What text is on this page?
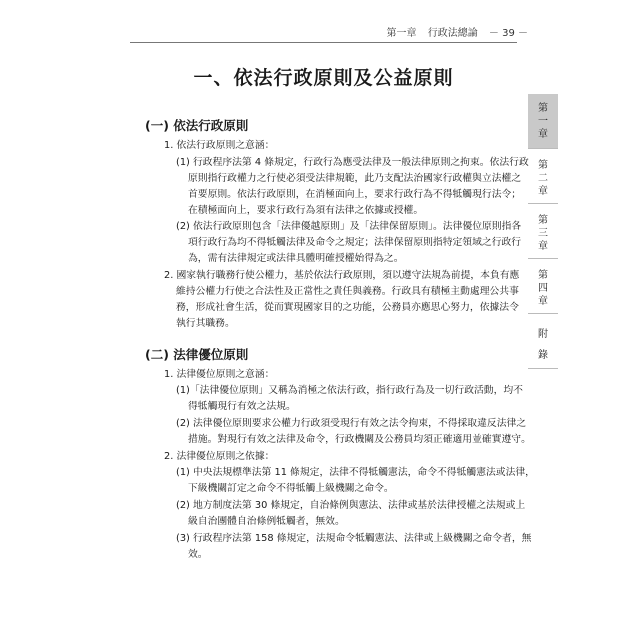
第一章 行政法總論 － 39 －
一、依法行政原則及公益原則
(一) 依法行政原則
1. 依法行政原則之意涵：
(1) 行政程序法第 4 條規定，行政行為應受法律及一般法律原則之拘束。依法行政
原則指行政權力之行使必須受法律規範，此乃支配法治國家行政權與立法權之
首要原則。依法行政原則，在消極面向上，要求行政行為不得牴觸現行法令；
在積極面向上，要求行政行為須有法律之依據或授權。
(2) 依法行政原則包含「法律優越原則」及「法律保留原則」。法律優位原則指各
項行政行為均不得牴觸法律及命令之規定；法律保留原則指特定領域之行政行
為，需有法律規定或法律具體明確授權始得為之。
2. 國家執行職務行使公權力，基於依法行政原則，須以遵守法規為前提，本負有應
維持公權力行使之合法性及正當性之責任與義務。行政具有積極主動處理公共事
務，形成社會生活，從而實現國家目的之功能，公務員亦應思心努力，依據法令
執行其職務。
(二) 法律優位原則
1. 法律優位原則之意涵：
(1)「法律優位原則」又稱為消極之依法行政，指行政行為及一切行政活動，均不
得牴觸現行有效之法規。
(2) 法律優位原則要求公權力行政須受現行有效之法令拘束，不得採取違反法律之
措施。對現行有效之法律及命令，行政機關及公務員均須正確適用並確實遵守。
2. 法律優位原則之依據：
(1) 中央法規標準法第 11 條規定，法律不得牴觸憲法，命令不得牴觸憲法或法律，
下級機關訂定之命令不得牴觸上級機關之命令。
(2) 地方制度法第 30 條規定，自治條例與憲法、法律或基於法律授權之法規或上
級自治團體自治條例牴觸者，無效。
(3) 行政程序法第 158 條規定，法規命令牴觸憲法、法律或上級機關之命令者，無
效。
第
一
章
第
二
章
第
三
章
第
四
章
附
錄
